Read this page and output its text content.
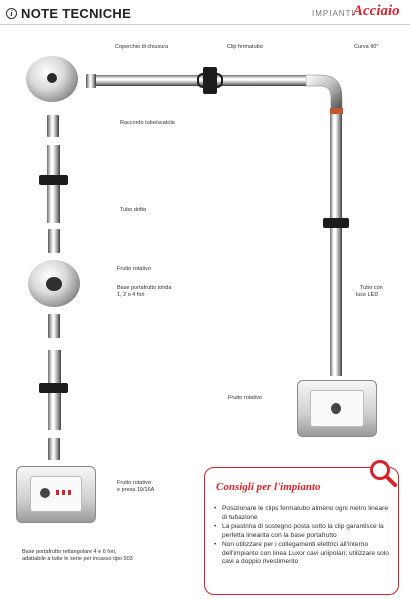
i NOTE TECNICHE	IMPIANTI
Acciaio
Coperchio di chiusura	Clip fermatubo	Curva 90°
Raccordo tubo/scatola
Tubo dritto
Frutto rotativo
Base portafrutto tonda
1, 2 o 4 fori
Tubo con
luce LED
Frutto rotativo
Frutto rotativo
e presa 10/16A
Base portafrutto rettangolare 4 e 6 fori,
adattabile a tutte le serie per incasso tipo 503
Consigli per l'impianto
• Posizionare le clips fermatubo almeno ogni metro lineare di tubazione
• La piastrina di sostegno posta sotto la clip garantisce la perfetta linearità con la base portafrutto
• Non utilizzare per i collegamenti elettrici all'interno dell'impianto con linea Luxor cavi unipolari; utilizzare solo cavi a doppio rivestimento
